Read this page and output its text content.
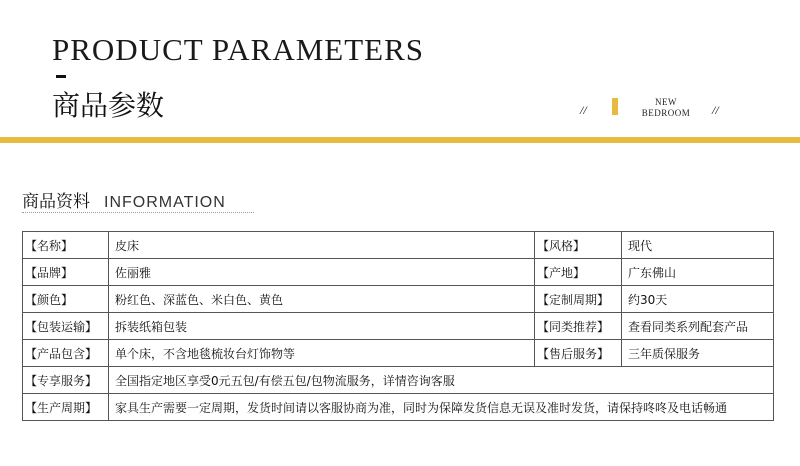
PRODUCT PARAMETERS
商品参数	//
NEW
BEDROOM	//
商品资料 INFORMATION
【名称】	皮床	【风格】	现代
【品牌】	佐丽雅	【产地】	广东佛山
【颜色】	粉红色、深蓝色、米白色、黄色	【定制周期】	约30天
【包装运输】	拆装纸箱包装	【同类推荐】	查看同类系列配套产品
【产品包含】	单个床，不含地毯梳妆台灯饰物等	【售后服务】	三年质保服务
【专享服务】	全国指定地区享受0元五包/有偿五包/包物流服务，详情咨询客服		
【生产周期】	家具生产需要一定周期，发货时间请以客服协商为准，同时为保障发货信息无误及准时发货，请保持咚咚及电话畅通		
